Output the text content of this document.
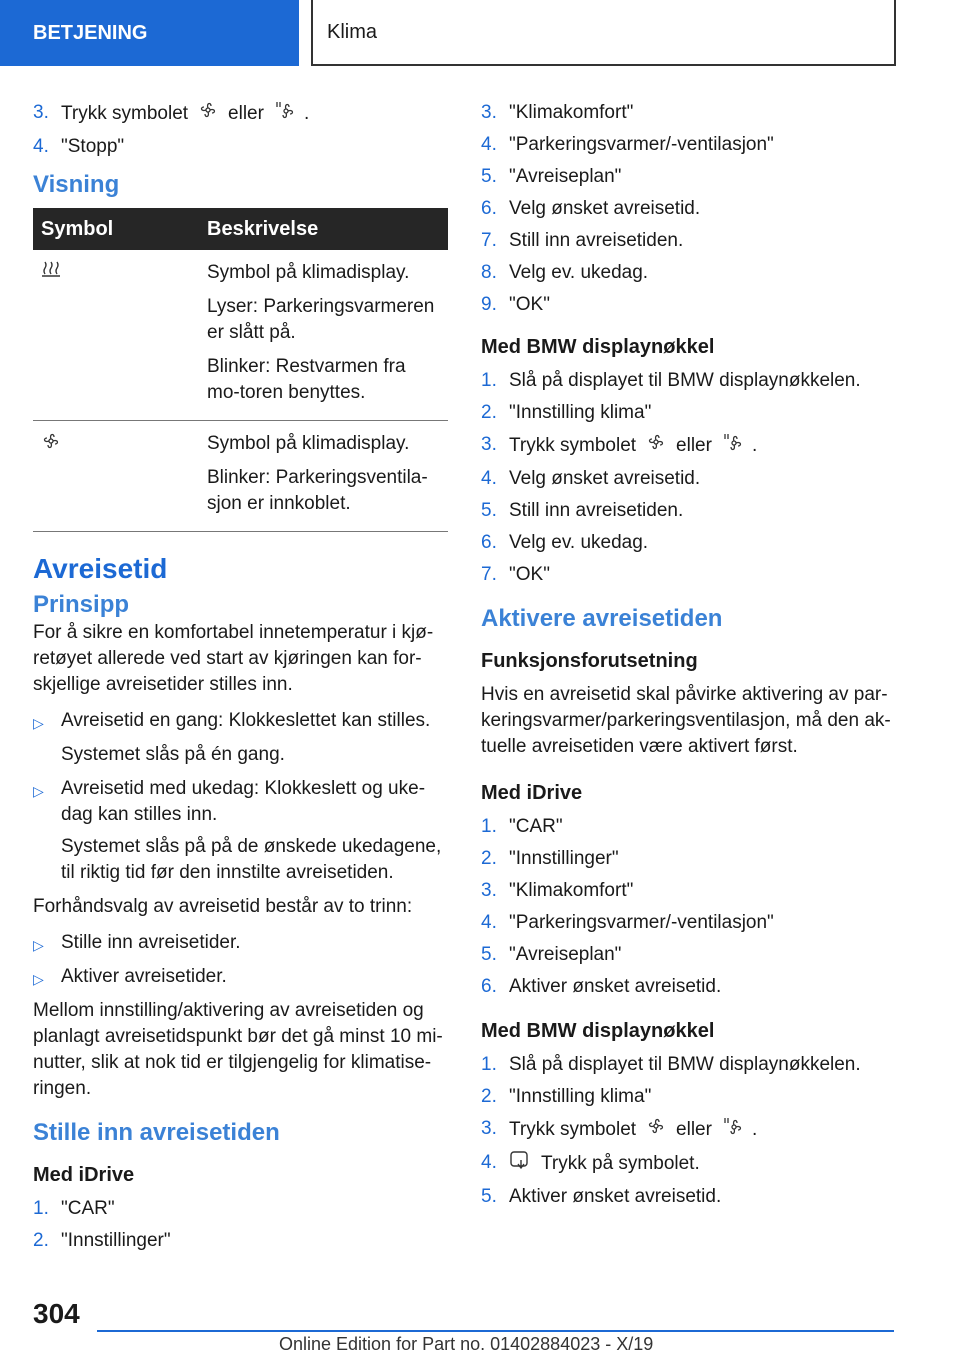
BETJENING	Klima
3. Trykk symbolet eller .
4. "Stopp"
Visning
Symbol	Beskrivelse

Symbol på klimadisplay.

Lyser: Parkeringsvarmeren er slått på.

Blinker: Restvarmen fra mo-toren benyttes.

Symbol på klimadisplay.

Blinker: Parkeringsventila-sjon er innkoblet.

Avreisetid
Prinsipp

For å sikre en komfortabel innetemperatur i kjø-retøyet allerede ved start av kjøringen kan for-skjellige avreisetider stilles inn.

▷ Avreisetid en gang: Klokkeslettet kan stilles.
Systemet slås på én gang.
▷ Avreisetid med ukedag: Klokkeslett og uke-dag kan stilles inn.
Systemet slås på på de ønskede ukedagene, til riktig tid før den innstilte avreisetiden.

Forhåndsvalg av avreisetid består av to trinn:

▷ Stille inn avreisetider.
▷ Aktiver avreisetider.

Mellom innstilling/aktivering av avreisetiden og planlagt avreisetidspunkt bør det gå minst 10 mi-nutter, slik at nok tid er tilgjengelig for klimatise-ringen.

Stille inn avreisetiden
Med iDrive
1. "CAR"
2. "Innstillinger"
3. "Klimakomfort"
4. "Parkeringsvarmer/-ventilasjon"
5. "Avreiseplan"
6. Velg ønsket avreisetid.
7. Still inn avreisetiden.
8. Velg ev. ukedag.
9. "OK"
Med BMW displaynøkkel
1. Slå på displayet til BMW displaynøkkelen.
2. "Innstilling klima"
3. Trykk symbolet eller .
4. Velg ønsket avreisetid.
5. Still inn avreisetiden.
6. Velg ev. ukedag.
7. "OK"
Aktivere avreisetiden
Funksjonsforutsetning

Hvis en avreisetid skal påvirke aktivering av par-keringsvarmer/parkeringsventilasjon, må den ak-tuelle avreisetiden være aktivert først.

Med iDrive
1. "CAR"
2. "Innstillinger"
3. "Klimakomfort"
4. "Parkeringsvarmer/-ventilasjon"
5. "Avreiseplan"
6. Aktiver ønsket avreisetid.
Med BMW displaynøkkel
1. Slå på displayet til BMW displaynøkkelen.
2. "Innstilling klima"
3. Trykk symbolet eller .
4.	Trykk på symbolet.
5. Aktiver ønsket avreisetid.
304
Online Edition for Part no. 01402884023 - X/19
